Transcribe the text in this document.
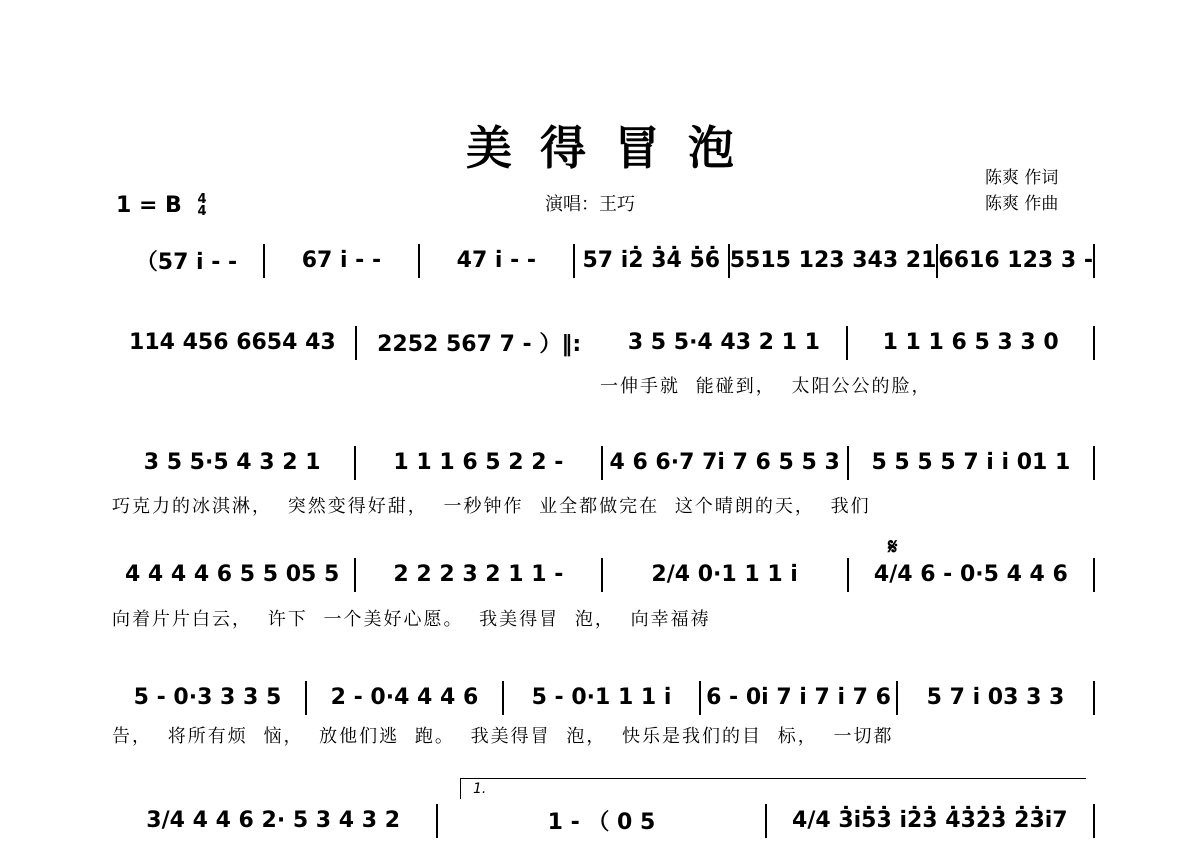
美得冒泡
1 = B 4
4	演唱：王巧
陈爽 作词
陈爽 作曲
（57 i̇ - -	67 i̇ - -	47 i̇ - -	57 i̇2̇ 3̇4̇ 5̇6̇ 5515 123 343 21 6616 123 3 -
114 456 6654 43	2252 567 7 - ）‖:	3 5 5·4 43 2 1 1	1 1 1 6 5 3 3 0
一伸手就 能碰到， 太阳公公的脸，
3 5 5·5 4 3 2 1	1 1 1 6 5 2 2 -	4 6 6·7 7i̇ 7 6 5 5 3	5 5 5 5 7 i̇ i̇ 01 1
巧克力的冰淇淋， 突然变得好甜， 一秒钟作 业全都做完在 这个晴朗的天， 我们
𝄋
4 4 4 4 6 5 5 05 5	2 2 2 3 2 1 1 -	2/4 0·1 1 1 i̇	4/4 6 - 0·5 4 4 6
向着片片白云， 许下 一个美好心愿。 我美得冒 泡， 向幸福祷
5 - 0·3 3 3 5	2 - 0·4 4 4 6	5 - 0·1 1 1 i̇	6 - 0i̇ 7 i̇ 7 i̇ 7 6	5 7 i̇ 03 3 3
告， 将所有烦 恼， 放他们逃 跑。 我美得冒 泡， 快乐是我们的目 标， 一切都
1.
3/4 4 4 6 2· 5 3 4 3 2	1 - （ 0 5	4/4 3̇i̇5̇3̇ i̇2̇3̇ 4̇3̇2̇3̇ 2̇3̇i̇7
